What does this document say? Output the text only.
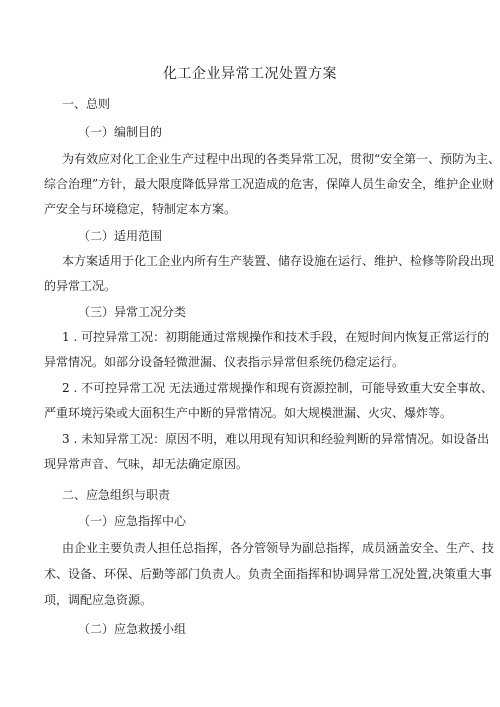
化工企业异常工况处置方案
一、总则
（一）编制目的
为有效应对化工企业生产过程中出现的各类异常工况，贯彻“安全第一、预防为主、
综合治理”方针，最大限度降低异常工况造成的危害，保障人员生命安全，维护企业财
产安全与环境稳定，特制定本方案。
（二）适用范围
本方案适用于化工企业内所有生产装置、储存设施在运行、维护、检修等阶段出现
的异常工况。
（三）异常工况分类
1 . 可控异常工况：初期能通过常规操作和技术手段，在短时间内恢复正常运行的
异常情况。如部分设备轻微泄漏、仪表指示异常但系统仍稳定运行。
2 . 不可控异常工况 无法通过常规操作和现有资源控制，可能导致重大安全事故、
严重环境污染或大面积生产中断的异常情况。如大规模泄漏、火灾、爆炸等。
3 . 未知异常工况：原因不明，难以用现有知识和经验判断的异常情况。如设备出
现异常声音、气味，却无法确定原因。
二、应急组织与职责
（一）应急指挥中心
由企业主要负责人担任总指挥，各分管领导为副总指挥，成员涵盖安全、生产、技
术、设备、环保、后勤等部门负责人。负责全面指挥和协调异常工况处置,决策重大事
项，调配应急资源。
（二）应急救援小组
